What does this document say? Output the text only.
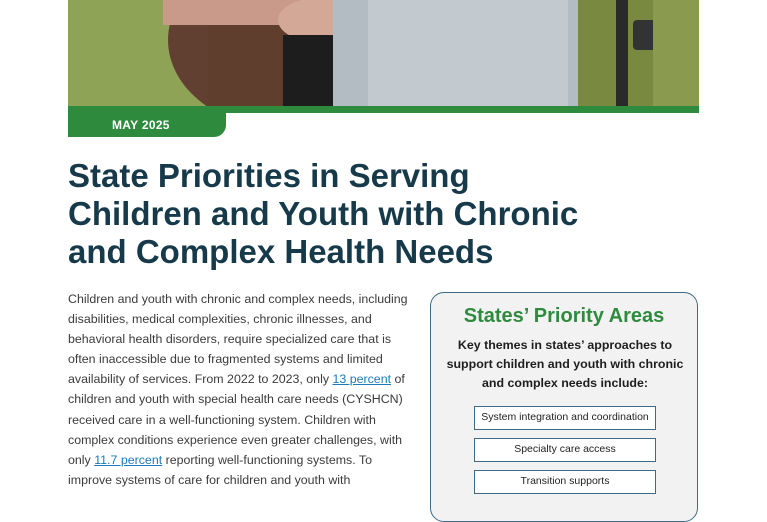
MAY 2025
State Priorities in Serving
Children and Youth with Chronic
and Complex Health Needs
Children and youth with chronic and complex needs, including disabilities, medical complexities, chronic illnesses, and behavioral health disorders, require specialized care that is often inaccessible due to fragmented systems and limited availability of services. From 2022 to 2023, only 13 percent of children and youth with special health care needs (CYSHCN) received care in a well-functioning system. Children with complex conditions experience even greater challenges, with only 11.7 percent reporting well-functioning systems. To improve systems of care for children and youth with
States’ Priority Areas
Key themes in states’ approaches to support children and youth with chronic and complex needs include:
System integration and coordination
Specialty care access
Transition supports
